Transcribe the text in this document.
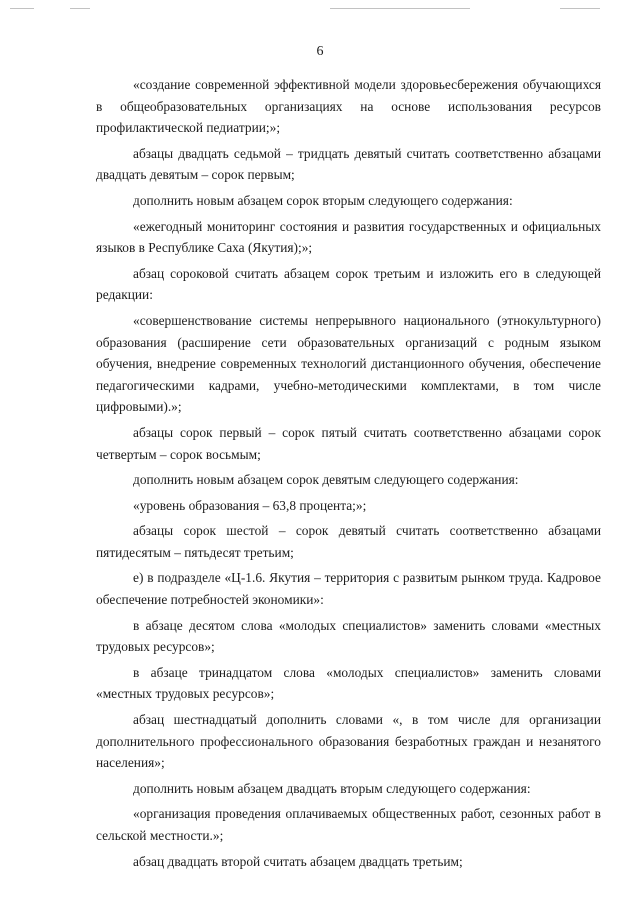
6

«создание современной эффективной модели здоровьесбережения обучающихся в общеобразовательных организациях на основе использования ресурсов профилактической педиатрии;»;

абзацы двадцать седьмой – тридцать девятый считать соответственно абзацами двадцать девятым – сорок первым;

дополнить новым абзацем сорок вторым следующего содержания:

«ежегодный мониторинг состояния и развития государственных и официальных языков в Республике Саха (Якутия);»;

абзац сороковой считать абзацем сорок третьим и изложить его в следующей редакции:

«совершенствование системы непрерывного национального (этнокультурного) образования (расширение сети образовательных организаций с родным языком обучения, внедрение современных технологий дистанционного обучения, обеспечение педагогическими кадрами, учебно-методическими комплектами, в том числе цифровыми).»;

абзацы сорок первый – сорок пятый считать соответственно абзацами сорок четвертым – сорок восьмым;

дополнить новым абзацем сорок девятым следующего содержания:

«уровень образования – 63,8 процента;»;

абзацы сорок шестой – сорок девятый считать соответственно абзацами пятидесятым – пятьдесят третьим;

е) в подразделе «Ц-1.6. Якутия – территория с развитым рынком труда. Кадровое обеспечение потребностей экономики»:

в абзаце десятом слова «молодых специалистов» заменить словами «местных трудовых ресурсов»;

в абзаце тринадцатом слова «молодых специалистов» заменить словами «местных трудовых ресурсов»;

абзац шестнадцатый дополнить словами «, в том числе для организации дополнительного профессионального образования безработных граждан и незанятого населения»;

дополнить новым абзацем двадцать вторым следующего содержания:

«организация проведения оплачиваемых общественных работ, сезонных работ в сельской местности.»;

абзац двадцать второй считать абзацем двадцать третьим;
